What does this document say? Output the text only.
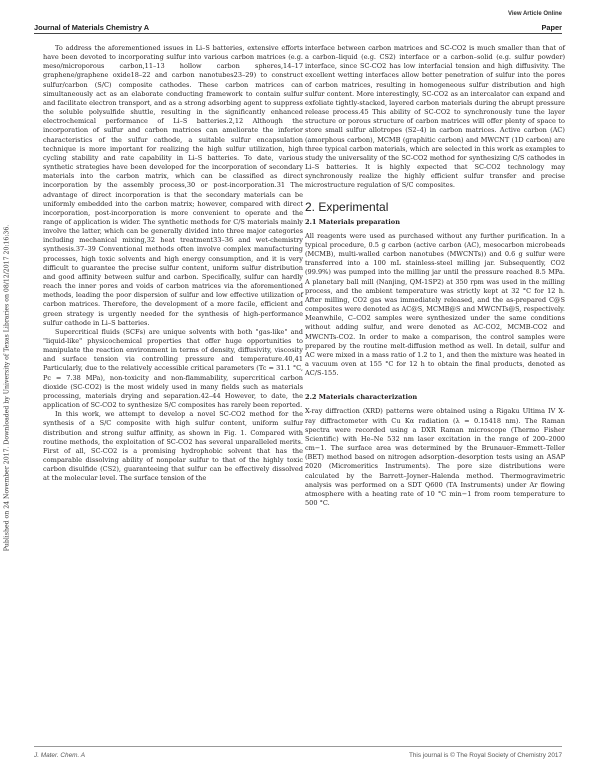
View Article Online
Journal of Materials Chemistry A	Paper
Published on 24 November 2017. Downloaded by University of Texas Libraries on 08/12/2017 20:16:36.

To address the aforementioned issues in Li–S batteries, extensive efforts have been devoted to incorporating sulfur into various carbon matrices (e.g. meso/microporous carbon,11–13 hollow carbon spheres,14–17 graphene/graphene oxide18–22 and carbon nanotubes23–29) to construct sulfur/carbon (S/C) composite cathodes. These carbon matrices can simultaneously act as an elaborate conducting framework to contain sulfur and facilitate electron transport, and as a strong adsorbing agent to suppress the soluble polysulfide shuttle, resulting in the significantly enhanced electrochemical performance of Li–S batteries.2,12 Although the incorporation of sulfur and carbon matrices can ameliorate the inferior characteristics of the sulfur cathode, a suitable sulfur encapsulation technique is more important for realizing the high sulfur utilization, high cycling stability and rate capability in Li–S batteries. To date, various synthetic strategies have been developed for the incorporation of secondary materials into the carbon matrix, which can be classified as direct incorporation by the assembly process,30 or post-incorporation.31 The advantage of direct incorporation is that the secondary materials can be uniformly embedded into the carbon matrix; however, compared with direct incorporation, post-incorporation is more convenient to operate and the range of application is wider. The synthetic methods for C/S materials mainly involve the latter, which can be generally divided into three major categories including mechanical mixing,32 heat treatment33–36 and wet-chemistry synthesis.37–39 Conventional methods often involve complex manufacturing processes, high toxic solvents and high energy consumption, and it is very difficult to guarantee the precise sulfur content, uniform sulfur distribution and good affinity between sulfur and carbon. Specifically, sulfur can hardly reach the inner pores and voids of carbon matrices via the aforementioned methods, leading the poor dispersion of sulfur and low effective utilization of carbon matrices. Therefore, the development of a more facile, efficient and green strategy is urgently needed for the synthesis of high-performance sulfur cathode in Li–S batteries.

Supercritical fluids (SCFs) are unique solvents with both "gas-like" and "liquid-like" physicochemical properties that offer huge opportunities to manipulate the reaction environment in terms of density, diffusivity, viscosity and surface tension via controlling pressure and temperature.40,41 Particularly, due to the relatively accessible critical parameters (Tc = 31.1 °C, Pc = 7.38 MPa), non-toxicity and non-flammability, supercritical carbon dioxide (SC-CO2) is the most widely used in many fields such as materials processing, materials drying and separation.42–44 However, to date, the application of SC-CO2 to synthesize S/C composites has rarely been reported.

In this work, we attempt to develop a novel SC-CO2 method for the synthesis of a S/C composite with high sulfur content, uniform sulfur distribution and strong sulfur affinity, as shown in Fig. 1. Compared with routine methods, the exploitation of SC-CO2 has several unparalleled merits. First of all, SC-CO2 is a promising hydrophobic solvent that has the comparable dissolving ability of nonpolar sulfur to that of the highly toxic carbon disulfide (CS2), guaranteeing that sulfur can be effectively dissolved at the molecular level. The surface tension of the

interface between carbon matrices and SC-CO2 is much smaller than that of a carbon–liquid (e.g. CS2) interface or a carbon–solid (e.g. sulfur powder) interface, since SC-CO2 has low interfacial tension and high diffusivity. The excellent wetting interfaces allow better penetration of sulfur into the pores of carbon matrices, resulting in homogeneous sulfur distribution and high sulfur content. More interestingly, SC-CO2 as an intercalator can expand and exfoliate tightly-stacked, layered carbon materials during the abrupt pressure release process.45 This ability of SC-CO2 to synchronously tune the layer structure or porous structure of carbon matrices will offer plenty of space to store small sulfur allotropes (S2–4) in carbon matrices. Active carbon (AC) (amorphous carbon), MCMB (graphitic carbon) and MWCNT (1D carbon) are three typical carbon materials, which are selected in this work as examples to study the universality of the SC-CO2 method for synthesizing C/S cathodes in Li–S batteries. It is highly expected that SC-CO2 technology may synchronously realize the highly efficient sulfur transfer and precise microstructure regulation of S/C composites.

2. Experimental
2.1 Materials preparation

All reagents were used as purchased without any further purification. In a typical procedure, 0.5 g carbon (active carbon (AC), mesocarbon microbeads (MCMB), multi-walled carbon nanotubes (MWCNTs)) and 0.6 g sulfur were transferred into a 100 mL stainless-steel milling jar. Subsequently, CO2 (99.9%) was pumped into the milling jar until the pressure reached 8.5 MPa. A planetary ball mill (Nanjing, QM-1SP2) at 350 rpm was used in the milling process, and the ambient temperature was strictly kept at 32 °C for 12 h. After milling, CO2 gas was immediately released, and the as-prepared C@S composites were denoted as AC@S, MCMB@S and MWCNTs@S, respectively. Meanwhile, C–CO2 samples were synthesized under the same conditions without adding sulfur, and were denoted as AC-CO2, MCMB-CO2 and MWCNTs-CO2. In order to make a comparison, the control samples were prepared by the routine melt-diffusion method as well. In detail, sulfur and AC were mixed in a mass ratio of 1.2 to 1, and then the mixture was heated in a vacuum oven at 155 °C for 12 h to obtain the final products, denoted as AC/S-155.

2.2 Materials characterization

X-ray diffraction (XRD) patterns were obtained using a Rigaku Ultima IV X-ray diffractometer with Cu Kα radiation (λ = 0.15418 nm). The Raman spectra were recorded using a DXR Raman microscope (Thermo Fisher Scientific) with He–Ne 532 nm laser excitation in the range of 200–2000 cm−1. The surface area was determined by the Brunauer–Emmett–Teller (BET) method based on nitrogen adsorption–desorption tests using an ASAP 2020 (Micromeritics Instruments). The pore size distributions were calculated by the Barrett–Joyner–Halenda method. Thermogravimetric analysis was performed on a SDT Q600 (TA Instruments) under Ar flowing atmosphere with a heating rate of 10 °C min−1 from room temperature to 500 °C.

J. Mater. Chem. A	This journal is © The Royal Society of Chemistry 2017
